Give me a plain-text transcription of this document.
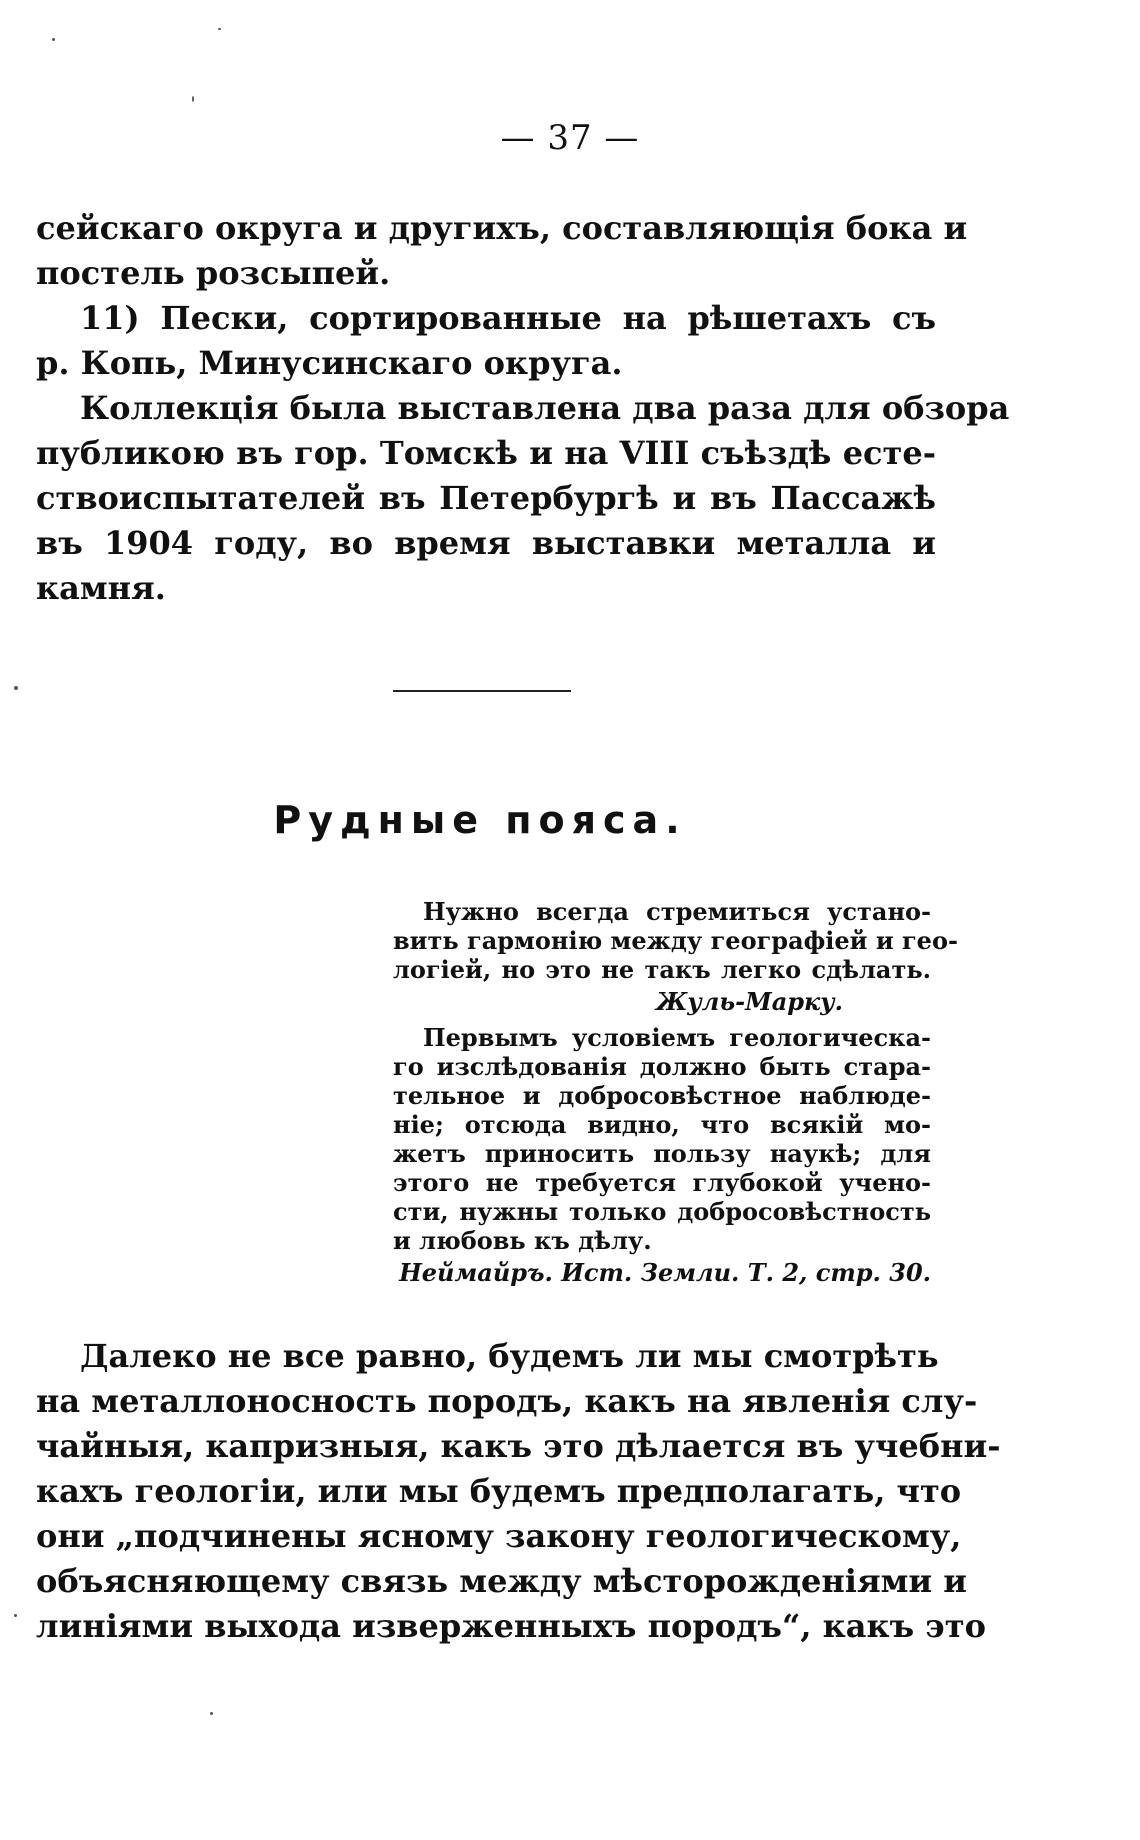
— 37 —
сейскаго округа и другихъ, составляющія бока и
постель розсыпей.
11) Пески, сортированные на рѣшетахъ съ
р. Копь, Минусинскаго округа.
Коллекція была выставлена два раза для обзора
публикою въ гор. Томскѣ и на VIII съѣздѣ есте-
ствоиспытателей въ Петербургѣ и въ Пассажѣ
въ 1904 году, во время выставки металла и
камня.
Рудные пояса.
Нужно всегда стремиться устано-
вить гармонію между географіей и гео-
логіей, но это не такъ легко сдѣлать.
Жуль-Марку.
Первымъ условіемъ геологическа-
го изслѣдованія должно быть стара-
тельное и добросовѣстное наблюде-
ніе; отсюда видно, что всякій мо-
жетъ приносить пользу наукѣ; для
этого не требуется глубокой учено-
сти, нужны только добросовѣстность
и любовь къ дѣлу.
Неймайръ. Ист. Земли. Т. 2, стр. 30.
Далеко не все равно, будемъ ли мы смотрѣть
на металлоносность породъ, какъ на явленія слу-
чайныя, капризныя, какъ это дѣлается въ учебни-
кахъ геологіи, или мы будемъ предполагать, что
они „подчинены ясному закону геологическому,
объясняющему связь между мѣсторожденіями и
линіями выхода изверженныхъ породъ“, какъ это
